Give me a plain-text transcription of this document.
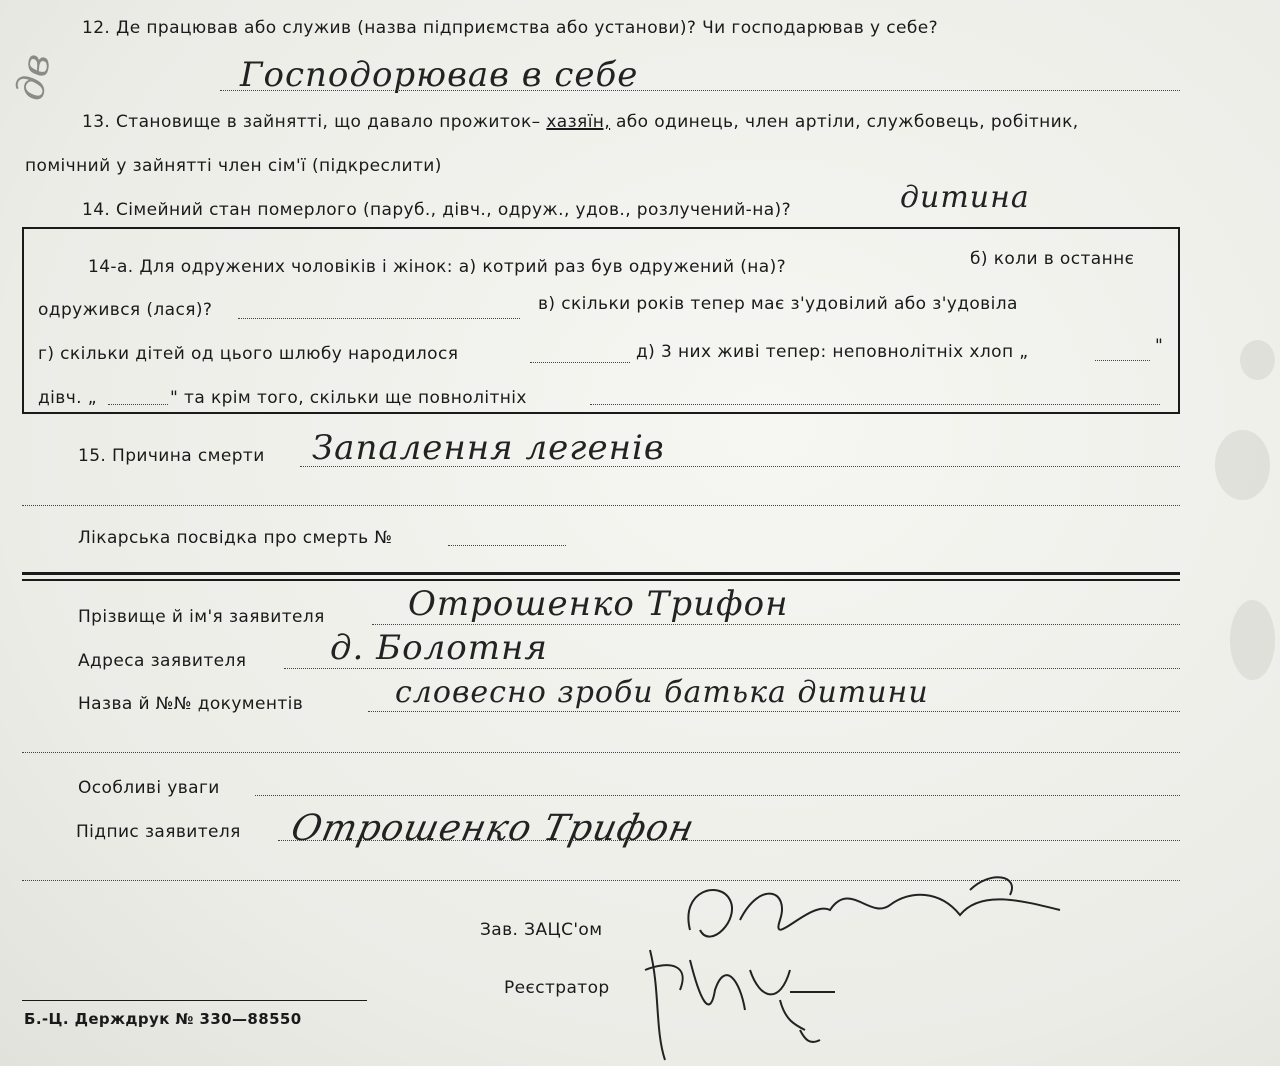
дв
12. Де працював або служив (назва підприємства або установи)? Чи господарював у себе?
Господорював в себе
13. Становище в зайнятті, що давало прожиток– хазяїн, або одинець, член артіли, службовець, робітник,
помічний у зайнятті член сім'ї (підкреслити)
14. Сімейний стан померлого (паруб., дівч., одруж., удов., розлучений-на)?	дитина
14-а. Для одружених чоловіків і жінок: а) котрий раз був одружений (на)?	б) коли в останнє
одружився (лася)?	в) скільки років тепер має з'удовілий або з'удовіла
г) скільки дітей од цього шлюбу народилося	д) 3 них живі тепер: неповнолітніх хлоп „	"
дівч. „	" та крім того, скільки ще повнолітніх
15. Причина смерти Запалення легенів
Лікарська посвідка про смерть №
Прізвище й ім'я заявителя Отрошенко Трифон
Адреса заявителя д. Болотня
Назва й №№ документів	словесно зроби батька дитини
Особливі уваги
Підпис заявителя Отрошенко Трифон
Зав. ЗАЦС'ом
Реєстратор
Б.-Ц. Держдрук № 330—88550
